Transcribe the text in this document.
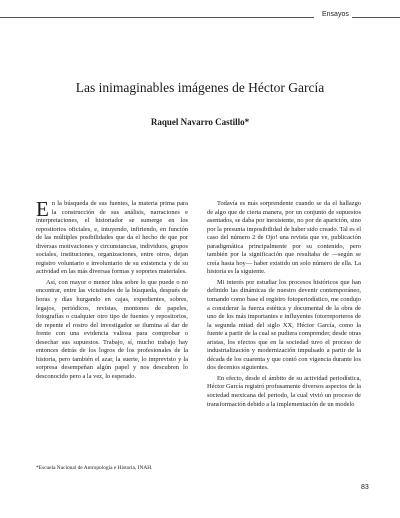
Ensayos
Las inimaginables imágenes de Héctor García
Raquel Navarro Castillo*

En la búsqueda de sus fuentes, la materia prima para la construcción de sus análisis, narraciones e interpretaciones, el historiador se sumerge en los repositorios oficiales, e, intuyendo, infiriendo, en función de las múltiples posibilidades que da el hecho de que por diversas motivaciones y circunstancias, individuos, grupos sociales, instituciones, organizaciones, entre otros, dejan registro voluntario e involuntario de su existencia y de su actividad en las más diversas formas y soportes materiales.

Así, con mayor o menor idea sobre lo que puede o no encontrar, entre las vicisitudes de la búsqueda, después de horas y días hurgando en cajas, expedientes, sobres, legajos, periódicos, revistas, montones de papeles, fotografías o cualquier otro tipo de fuentes y repositorios, de repente el rostro del investigador se ilumina al dar de frente con una evidencia valiosa para comprobar o desechar sus supuestos. Trabajo, sí, mucho trabajo hay entonces detrás de los logros de los profesionales de la historia, pero también el azar, la suerte, lo imprevisto y la sorpresa desempeñan algún papel y nos descubren lo desconocido pero a la vez, lo esperado.

Todavía es más sorprendente cuando se da el hallazgo de algo que de cierta manera, por un conjunto de supuestos asentados, se daba por inexistente, no por de aparición, sino por la presunta imposibilidad de haber sido creado. Tal es el caso del número 2 de Ojo! una revista que ve, publicación paradigmática principalmente por su contenido, pero también por la significación que resultaba de —según se creía hasta hoy— haber existido un solo número de ella. La historia es la siguiente.

Mi interés por estudiar los procesos históricos que han definido las dinámicas de nuestro devenir contemporáneo, tomando como base el registro fotoperiodístico, me condujo a considerar la fuerza estética y documental de la obra de uno de los más importantes e influyentes fotorreporteros de la segunda mitad del siglo XX, Héctor García, como la fuente a partir de la cual se pudiera comprender, desde otras aristas, los efectos que en la sociedad tuvo el proceso de industrialización y modernización impulsado a partir de la década de los cuarenta y que contó con vigencia durante los dos decenios siguientes.

En efecto, desde el ámbito de su actividad periodística, Héctor García registró profusamente diversos aspectos de la sociedad mexicana del periodo, la cual vivió un proceso de transformación debido a la implementación de un modelo

*Escuela Nacional de Antropología e Historia, INAH.
83
